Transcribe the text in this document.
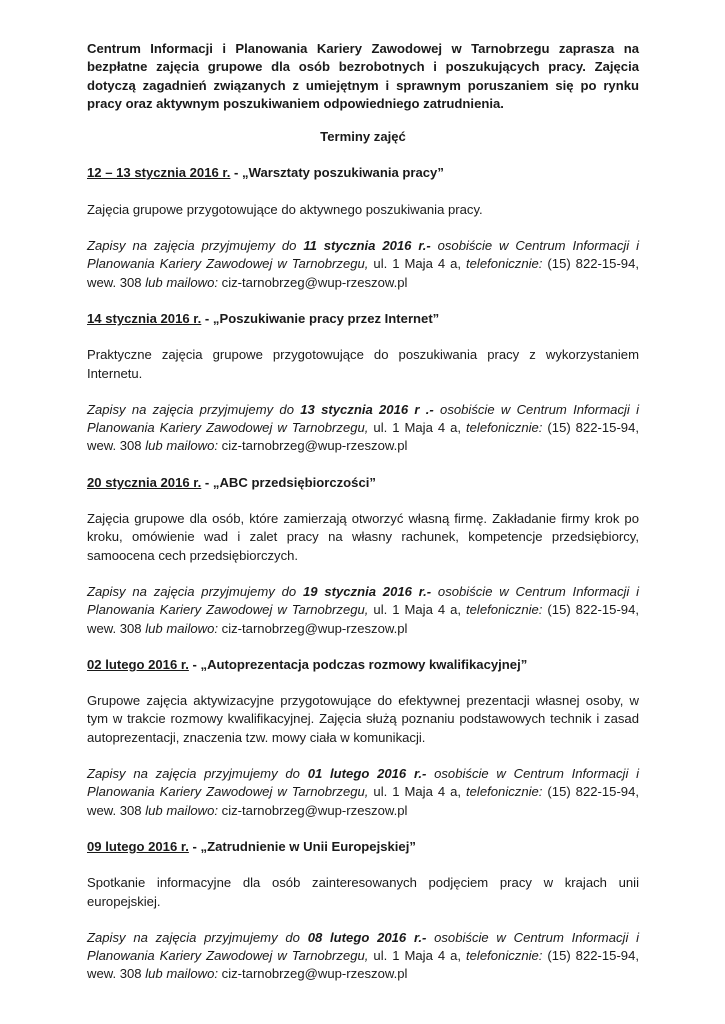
Centrum Informacji i Planowania Kariery Zawodowej w Tarnobrzegu zaprasza na bezpłatne zajęcia grupowe dla osób bezrobotnych i poszukujących pracy. Zajęcia dotyczą zagadnień związanych z umiejętnym i sprawnym poruszaniem się po rynku pracy oraz aktywnym poszukiwaniem odpowiedniego zatrudnienia.

Terminy zajęć

12 – 13 stycznia 2016 r. - „Warsztaty poszukiwania pracy”

Zajęcia grupowe przygotowujące do aktywnego poszukiwania pracy.

Zapisy na zajęcia przyjmujemy do 11 stycznia 2016 r.- osobiście w Centrum Informacji i Planowania Kariery Zawodowej w Tarnobrzegu, ul. 1 Maja 4 a, telefonicznie: (15) 822-15-94, wew. 308 lub mailowo: ciz-tarnobrzeg@wup-rzeszow.pl

14 stycznia 2016 r. - „Poszukiwanie pracy przez Internet”

Praktyczne zajęcia grupowe przygotowujące do poszukiwania pracy z wykorzystaniem Internetu.

Zapisy na zajęcia przyjmujemy do 13 stycznia 2016 r .- osobiście w Centrum Informacji i Planowania Kariery Zawodowej w Tarnobrzegu, ul. 1 Maja 4 a, telefonicznie: (15) 822-15-94, wew. 308 lub mailowo: ciz-tarnobrzeg@wup-rzeszow.pl

20 stycznia 2016 r. - „ABC przedsiębiorczości”

Zajęcia grupowe dla osób, które zamierzają otworzyć własną firmę. Zakładanie firmy krok po kroku, omówienie wad i zalet pracy na własny rachunek, kompetencje przedsiębiorcy, samoocena cech przedsiębiorczych.

Zapisy na zajęcia przyjmujemy do 19 stycznia 2016 r.- osobiście w Centrum Informacji i Planowania Kariery Zawodowej w Tarnobrzegu, ul. 1 Maja 4 a, telefonicznie: (15) 822-15-94, wew. 308 lub mailowo: ciz-tarnobrzeg@wup-rzeszow.pl

02 lutego 2016 r. - „Autoprezentacja podczas rozmowy kwalifikacyjnej”

Grupowe zajęcia aktywizacyjne przygotowujące do efektywnej prezentacji własnej osoby, w tym w trakcie rozmowy kwalifikacyjnej. Zajęcia służą poznaniu podstawowych technik i zasad autoprezentacji, znaczenia tzw. mowy ciała w komunikacji.

Zapisy na zajęcia przyjmujemy do 01 lutego 2016 r.- osobiście w Centrum Informacji i Planowania Kariery Zawodowej w Tarnobrzegu, ul. 1 Maja 4 a, telefonicznie: (15) 822-15-94, wew. 308 lub mailowo: ciz-tarnobrzeg@wup-rzeszow.pl

09 lutego 2016 r. - „Zatrudnienie w Unii Europejskiej”

Spotkanie informacyjne dla osób zainteresowanych podjęciem pracy w krajach unii europejskiej.

Zapisy na zajęcia przyjmujemy do 08 lutego 2016 r.- osobiście w Centrum Informacji i Planowania Kariery Zawodowej w Tarnobrzegu, ul. 1 Maja 4 a, telefonicznie: (15) 822-15-94, wew. 308 lub mailowo: ciz-tarnobrzeg@wup-rzeszow.pl
